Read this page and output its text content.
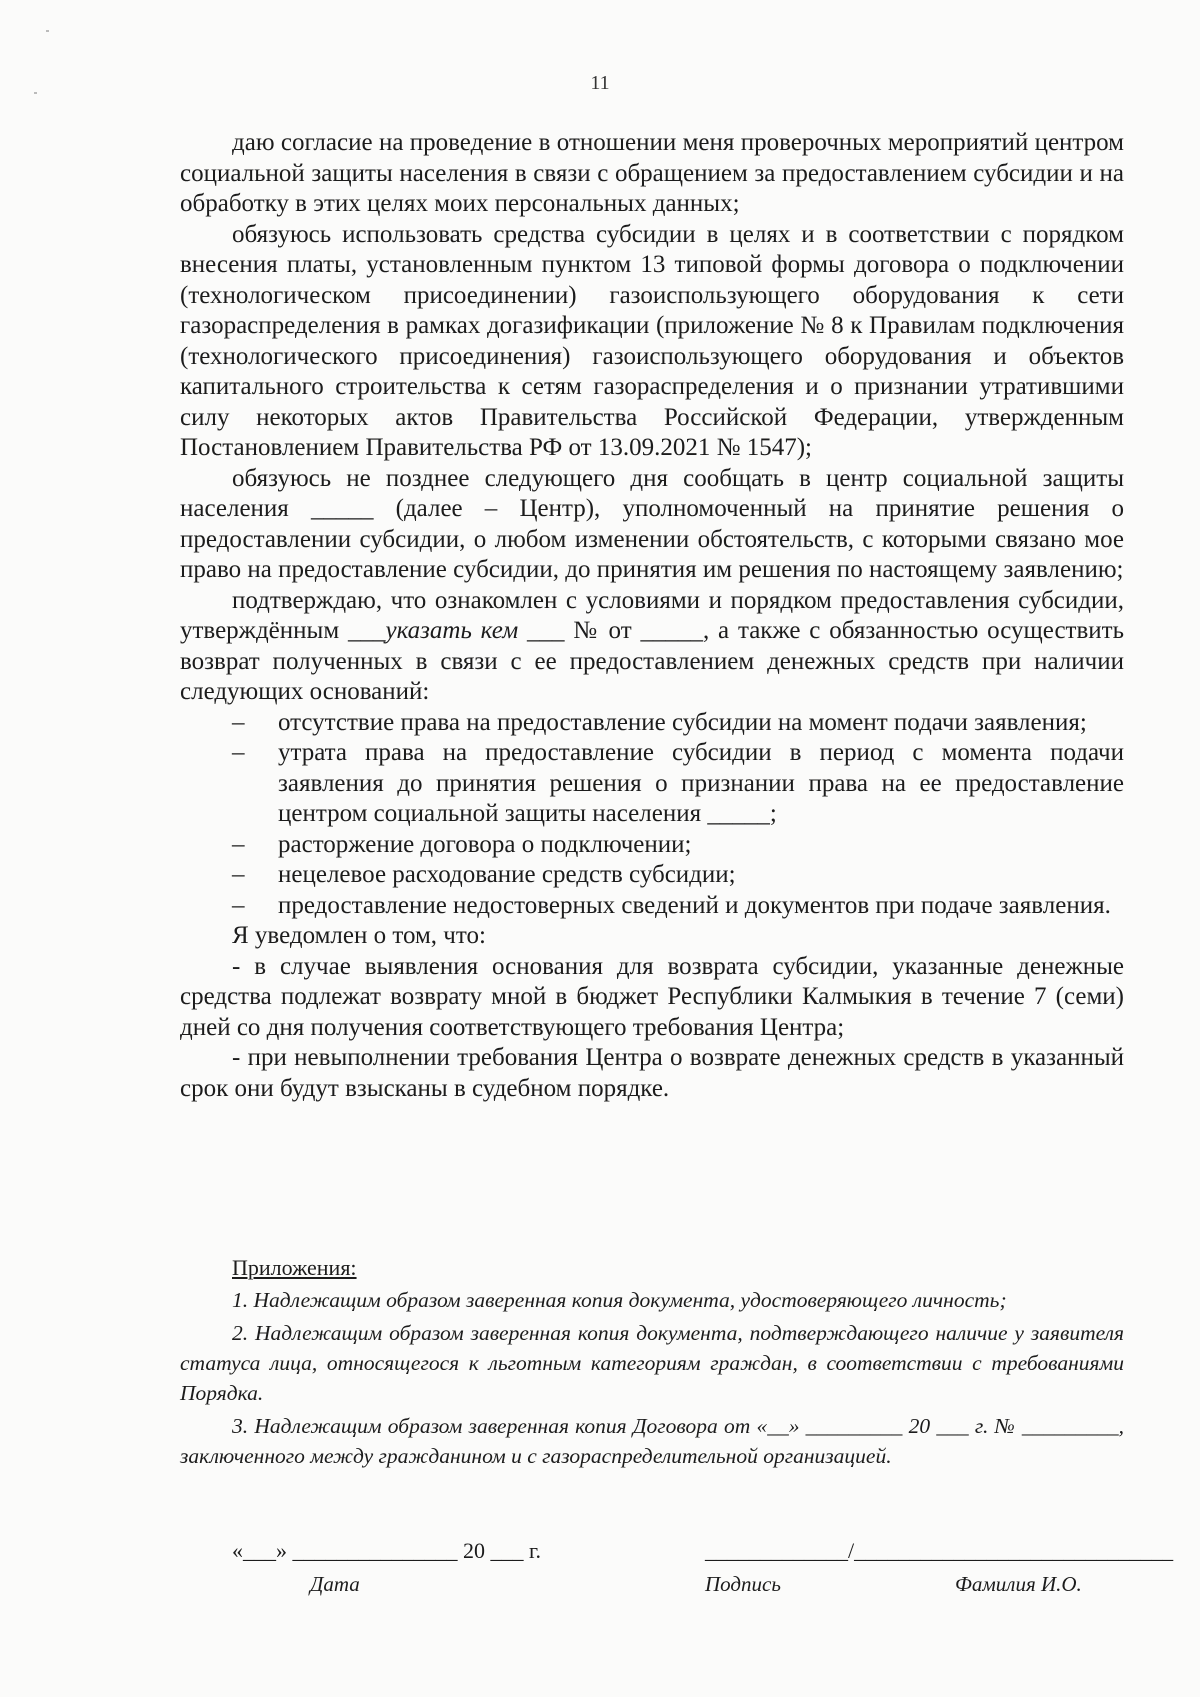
11

даю согласие на проведение в отношении меня проверочных мероприятий центром социальной защиты населения в связи с обращением за предоставлением субсидии и на обработку в этих целях моих персональных данных;

обязуюсь использовать средства субсидии в целях и в соответствии с порядком внесения платы, установленным пунктом 13 типовой формы договора о подключении (технологическом присоединении) газоиспользующего оборудования к сети газораспределения в рамках догазификации (приложение № 8 к Правилам подключения (технологического присоединения) газоиспользующего оборудования и объектов капитального строительства к сетям газораспределения и о признании утратившими силу некоторых актов Правительства Российской Федерации, утвержденным Постановлением Правительства РФ от 13.09.2021 № 1547);

обязуюсь не позднее следующего дня сообщать в центр социальной защиты населения _____ (далее – Центр), уполномоченный на принятие решения о предоставлении субсидии, о любом изменении обстоятельств, с которыми связано мое право на предоставление субсидии, до принятия им решения по настоящему заявлению;

подтверждаю, что ознакомлен с условиями и порядком предоставления субсидии, утверждённым ___указать кем ___ № от _____, а также с обязанностью осуществить возврат полученных в связи с ее предоставлением денежных средств при наличии следующих оснований:

– отсутствие права на предоставление субсидии на момент подачи заявления;
– утрата права на предоставление субсидии в период с момента подачи заявления до принятия решения о признании права на ее предоставление центром социальной защиты населения _____;
– расторжение договора о подключении;
– нецелевое расходование средств субсидии;
– предоставление недостоверных сведений и документов при подаче заявления.

Я уведомлен о том, что:

- в случае выявления основания для возврата субсидии, указанные денежные средства подлежат возврату мной в бюджет Республики Калмыкия в течение 7 (семи) дней со дня получения соответствующего требования Центра;

- при невыполнении требования Центра о возврате денежных средств в указанный срок они будут взысканы в судебном порядке.

Приложения:

1. Надлежащим образом заверенная копия документа, удостоверяющего личность;

2. Надлежащим образом заверенная копия документа, подтверждающего наличие у заявителя статуса лица, относящегося к льготным категориям граждан, в соответствии с требованиями Порядка.

3. Надлежащим образом заверенная копия Договора от «__» _________ 20 ___ г. № _________, заключенного между гражданином и с газораспределительной организацией.

«___» _______________ 20 ___ г.	_____________/_____________________________
Дата	Подпись	Фамилия И.О.
